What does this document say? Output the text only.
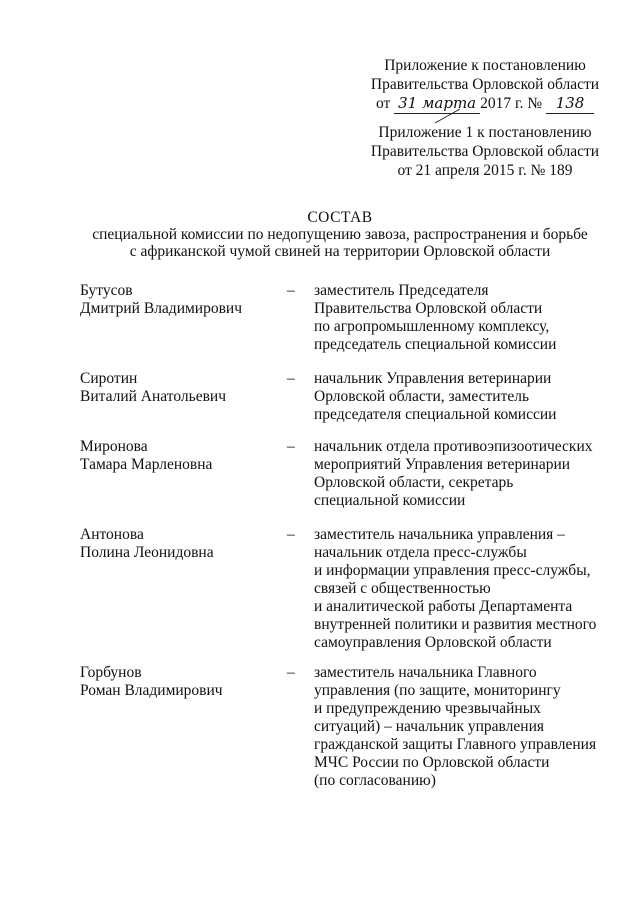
Приложение к постановлению
Правительства Орловской области
от 31 марта 2017 г. № 138
Приложение 1 к постановлению
Правительства Орловской области
от 21 апреля 2015 г. № 189
СОСТАВ
специальной комиссии по недопущению завоза, распространения и борьбе
с африканской чумой свиней на территории Орловской области
Бутусов
Дмитрий Владимирович
– заместитель Председателя
Правительства Орловской области
по агропромышленному комплексу,
председатель специальной комиссии
Сиротин
Виталий Анатольевич
– начальник Управления ветеринарии
Орловской области, заместитель
председателя специальной комиссии
Миронова
Тамара Марленовна
– начальник отдела противоэпизоотических
мероприятий Управления ветеринарии
Орловской области, секретарь
специальной комиссии
Антонова
Полина Леонидовна
– заместитель начальника управления –
начальник отдела пресс-службы
и информации управления пресс-службы,
связей с общественностью
и аналитической работы Департамента
внутренней политики и развития местного
самоуправления Орловской области
Горбунов
Роман Владимирович
– заместитель начальника Главного
управления (по защите, мониторингу
и предупреждению чрезвычайных
ситуаций) – начальник управления
гражданской защиты Главного управления
МЧС России по Орловской области
(по согласованию)
